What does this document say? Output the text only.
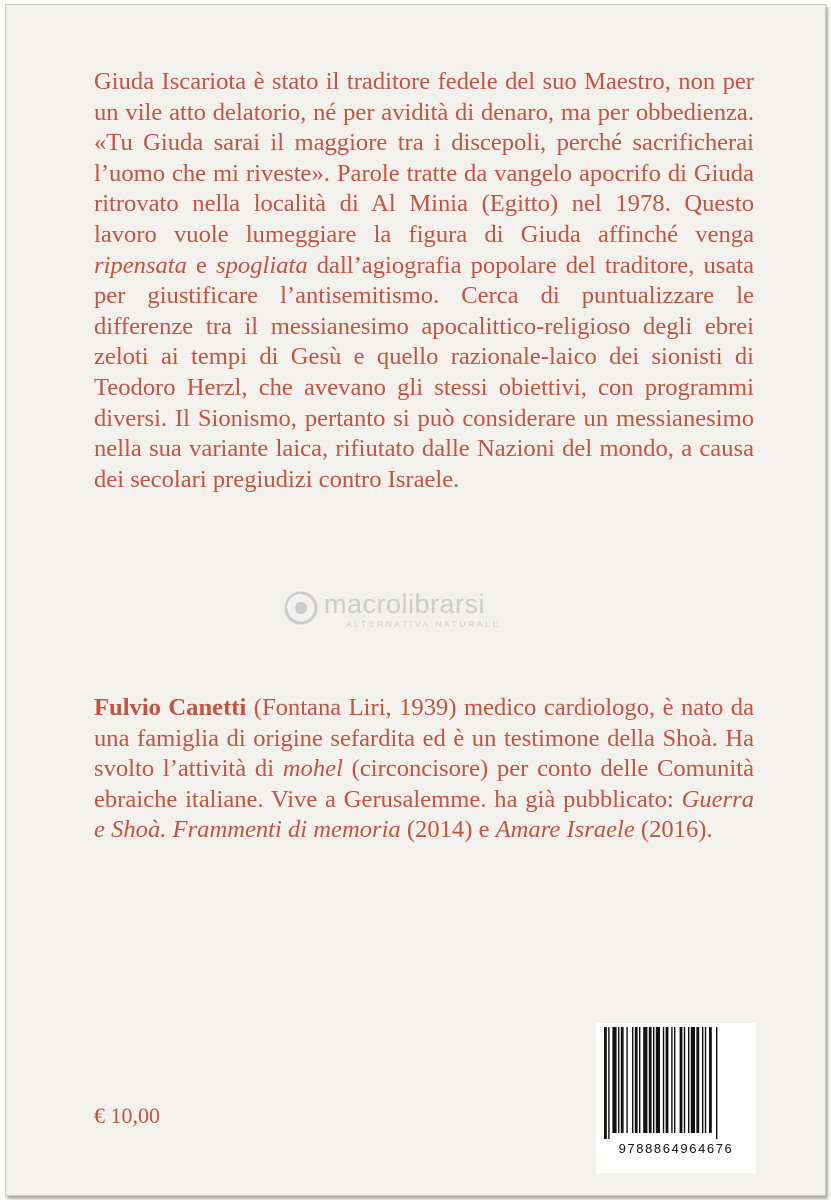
Giuda Iscariota è stato il traditore fedele del suo Maestro, non per un vile atto delatorio, né per avidità di denaro, ma per obbedienza. «Tu Giuda sarai il maggiore tra i discepoli, perché sacrificherai l’uomo che mi riveste». Parole tratte da vangelo apocrifo di Giuda ritrovato nella località di Al Minia (Egitto) nel 1978. Questo lavoro vuole lumeggiare la figura di Giuda affinché venga ripensata e spogliata dall’agiografia popolare del traditore, usata per giustificare l’antisemitismo. Cerca di puntualizzare le differenze tra il messianesimo apocalittico-religioso degli ebrei zeloti ai tempi di Gesù e quello razionale-laico dei sionisti di Teodoro Herzl, che avevano gli stessi obiettivi, con programmi diversi. Il Sionismo, pertanto si può considerare un messianesimo nella sua variante laica, rifiutato dalle Nazioni del mondo, a causa dei secolari pregiudizi contro Israele.

macrolibrarsi
ALTERNATIVA NATURALE

Fulvio Canetti (Fontana Liri, 1939) medico cardiologo, è nato da una famiglia di origine sefardita ed è un testimone della Shoà. Ha svolto l’attività di mohel (circoncisore) per conto delle Comunità ebraiche italiane. Vive a Gerusalemme. ha già pubblicato: Guerra e Shoà. Frammenti di memoria (2014) e Amare Israele (2016).

€ 10,00
9788864964676
